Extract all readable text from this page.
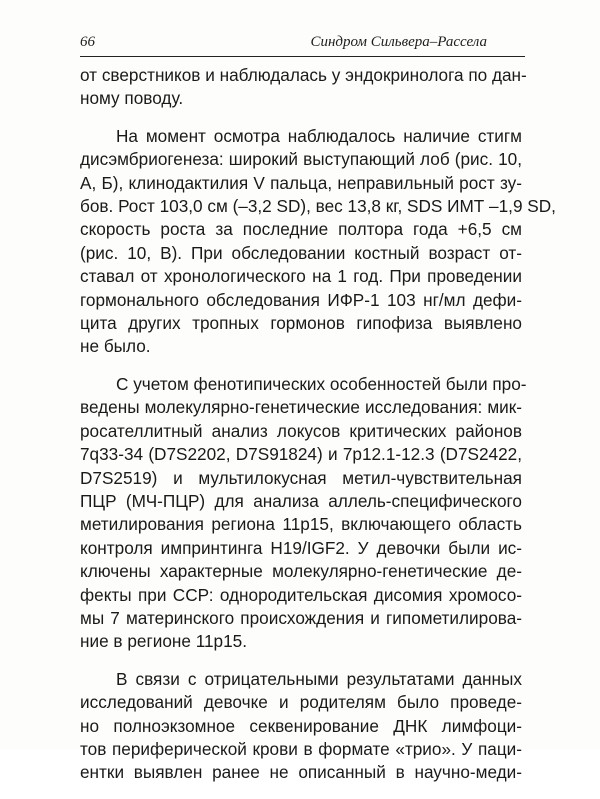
66	Синдром Сильвера–Рассела

от сверстников и наблюдалась у эндокринолога по дан-
ному поводу.

На момент осмотра наблюдалось наличие стигм
дисэмбриогенеза: широкий выступающий лоб (рис. 10,
А, Б), клинодактилия V пальца, неправильный рост зу-
бов. Рост 103,0 см (–3,2 SD), вес 13,8 кг, SDS ИМТ –1,9 SD,
скорость роста за последние полтора года +6,5 см
(рис. 10, В). При обследовании костный возраст от-
ставал от хронологического на 1 год. При проведении
гормонального обследования ИФР-1 103 нг/мл дефи-
цита других тропных гормонов гипофиза выявлено
не было.

С учетом фенотипических особенностей были про-
ведены молекулярно-генетические исследования: мик-
росателлитный анализ локусов критических районов
7q33-34 (D7S2202, D7S91824) и 7p12.1-12.3 (D7S2422,
D7S2519) и мультилокусная метил-чувствительная
ПЦР (МЧ-ПЦР) для анализа аллель-специфического
метилирования региона 11p15, включающего область
контроля импринтинга H19/IGF2. У девочки были ис-
ключены характерные молекулярно-генетические де-
фекты при ССР: однородительская дисомия хромосо-
мы 7 материнского происхождения и гипометилирова-
ние в регионе 11p15.

В связи с отрицательными результатами данных
исследований девочке и родителям было проведе-
но полноэкзомное секвенирование ДНК лимфоци-
тов периферической крови в формате «трио». У паци-
ентки выявлен ранее не описанный в научно-меди-
